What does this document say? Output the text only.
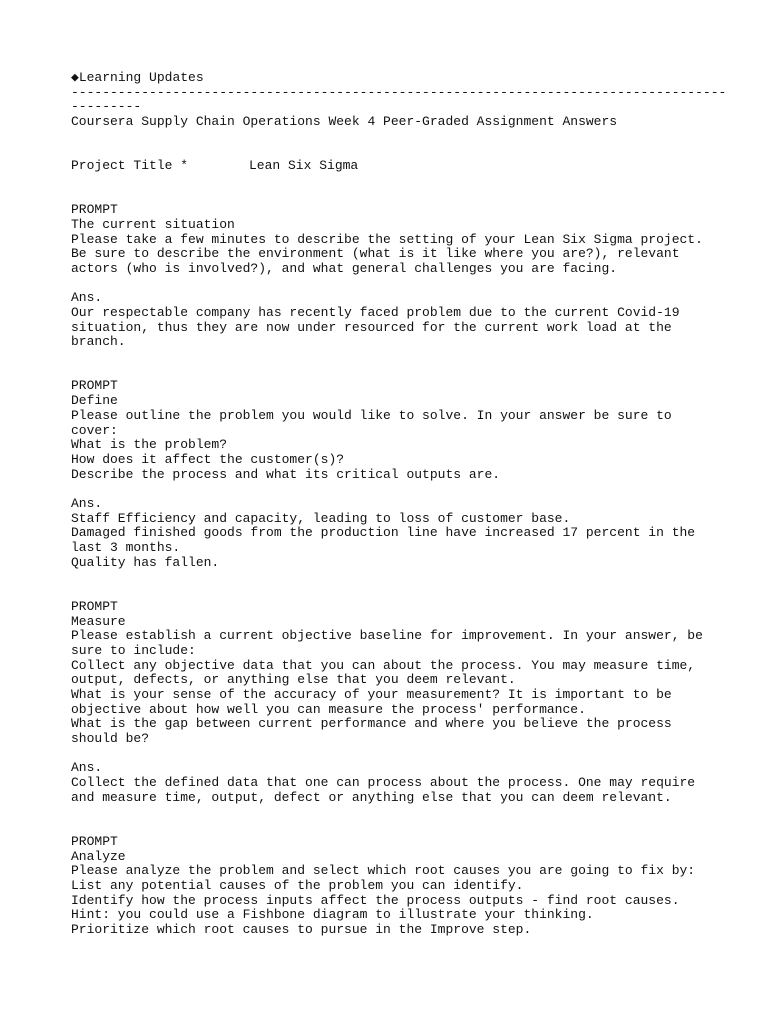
◆Learning Updates
------------------------------------------------------------------------------------
---------
Coursera Supply Chain Operations Week 4 Peer-Graded Assignment Answers
Project Title *	Lean Six Sigma
PROMPT
The current situation
Please take a few minutes to describe the setting of your Lean Six Sigma project.
Be sure to describe the environment (what is it like where you are?), relevant
actors (who is involved?), and what general challenges you are facing.
Ans.
Our respectable company has recently faced problem due to the current Covid-19
situation, thus they are now under resourced for the current work load at the
branch.
PROMPT
Define
Please outline the problem you would like to solve. In your answer be sure to
cover:
What is the problem?
How does it affect the customer(s)?
Describe the process and what its critical outputs are.
Ans.
Staff Efficiency and capacity, leading to loss of customer base.
Damaged finished goods from the production line have increased 17 percent in the
last 3 months.
Quality has fallen.
PROMPT
Measure
Please establish a current objective baseline for improvement. In your answer, be
sure to include:
Collect any objective data that you can about the process. You may measure time,
output, defects, or anything else that you deem relevant.
What is your sense of the accuracy of your measurement? It is important to be
objective about how well you can measure the process' performance.
What is the gap between current performance and where you believe the process
should be?
Ans.
Collect the defined data that one can process about the process. One may require
and measure time, output, defect or anything else that you can deem relevant.
PROMPT
Analyze
Please analyze the problem and select which root causes you are going to fix by:
List any potential causes of the problem you can identify.
Identify how the process inputs affect the process outputs - find root causes.
Hint: you could use a Fishbone diagram to illustrate your thinking.
Prioritize which root causes to pursue in the Improve step.
